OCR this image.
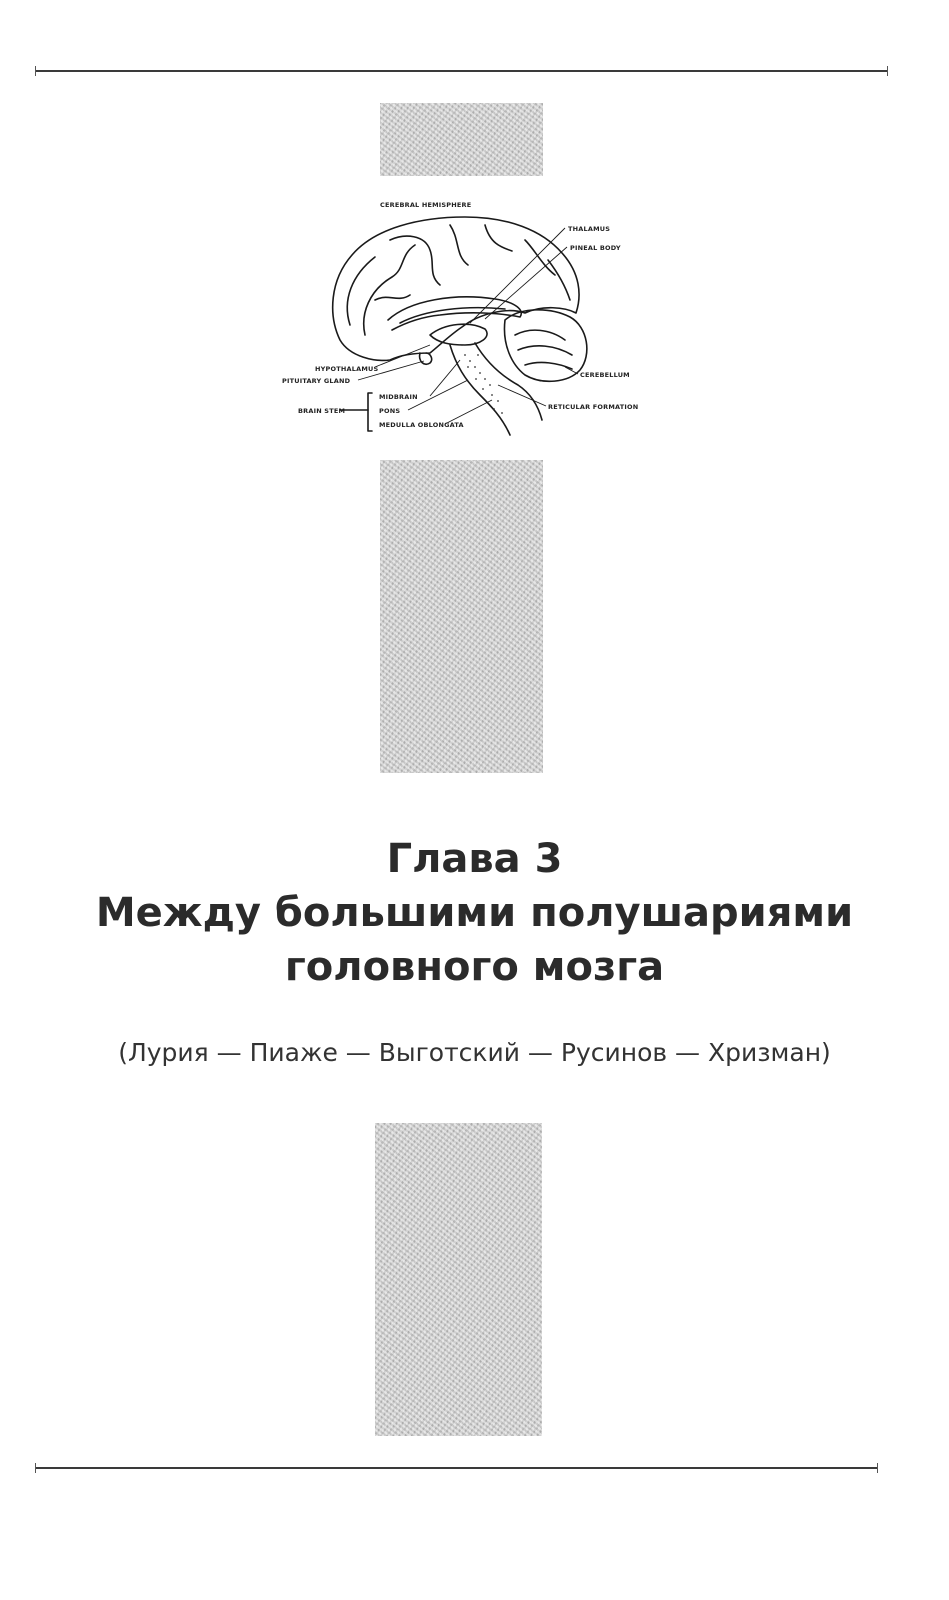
CEREBRAL HEMISPHERE
THALAMUS
PINEAL BODY
HYPOTHALAMUS
PITUITARY GLAND
CEREBELLUM
MIDBRAIN
PONS
MEDULLA OBLONGATA
BRAIN STEM	RETICULAR FORMATION
Глава 3
Между большими полушариями
головного мозга
(Лурия — Пиаже — Выготский — Русинов — Хризман)
